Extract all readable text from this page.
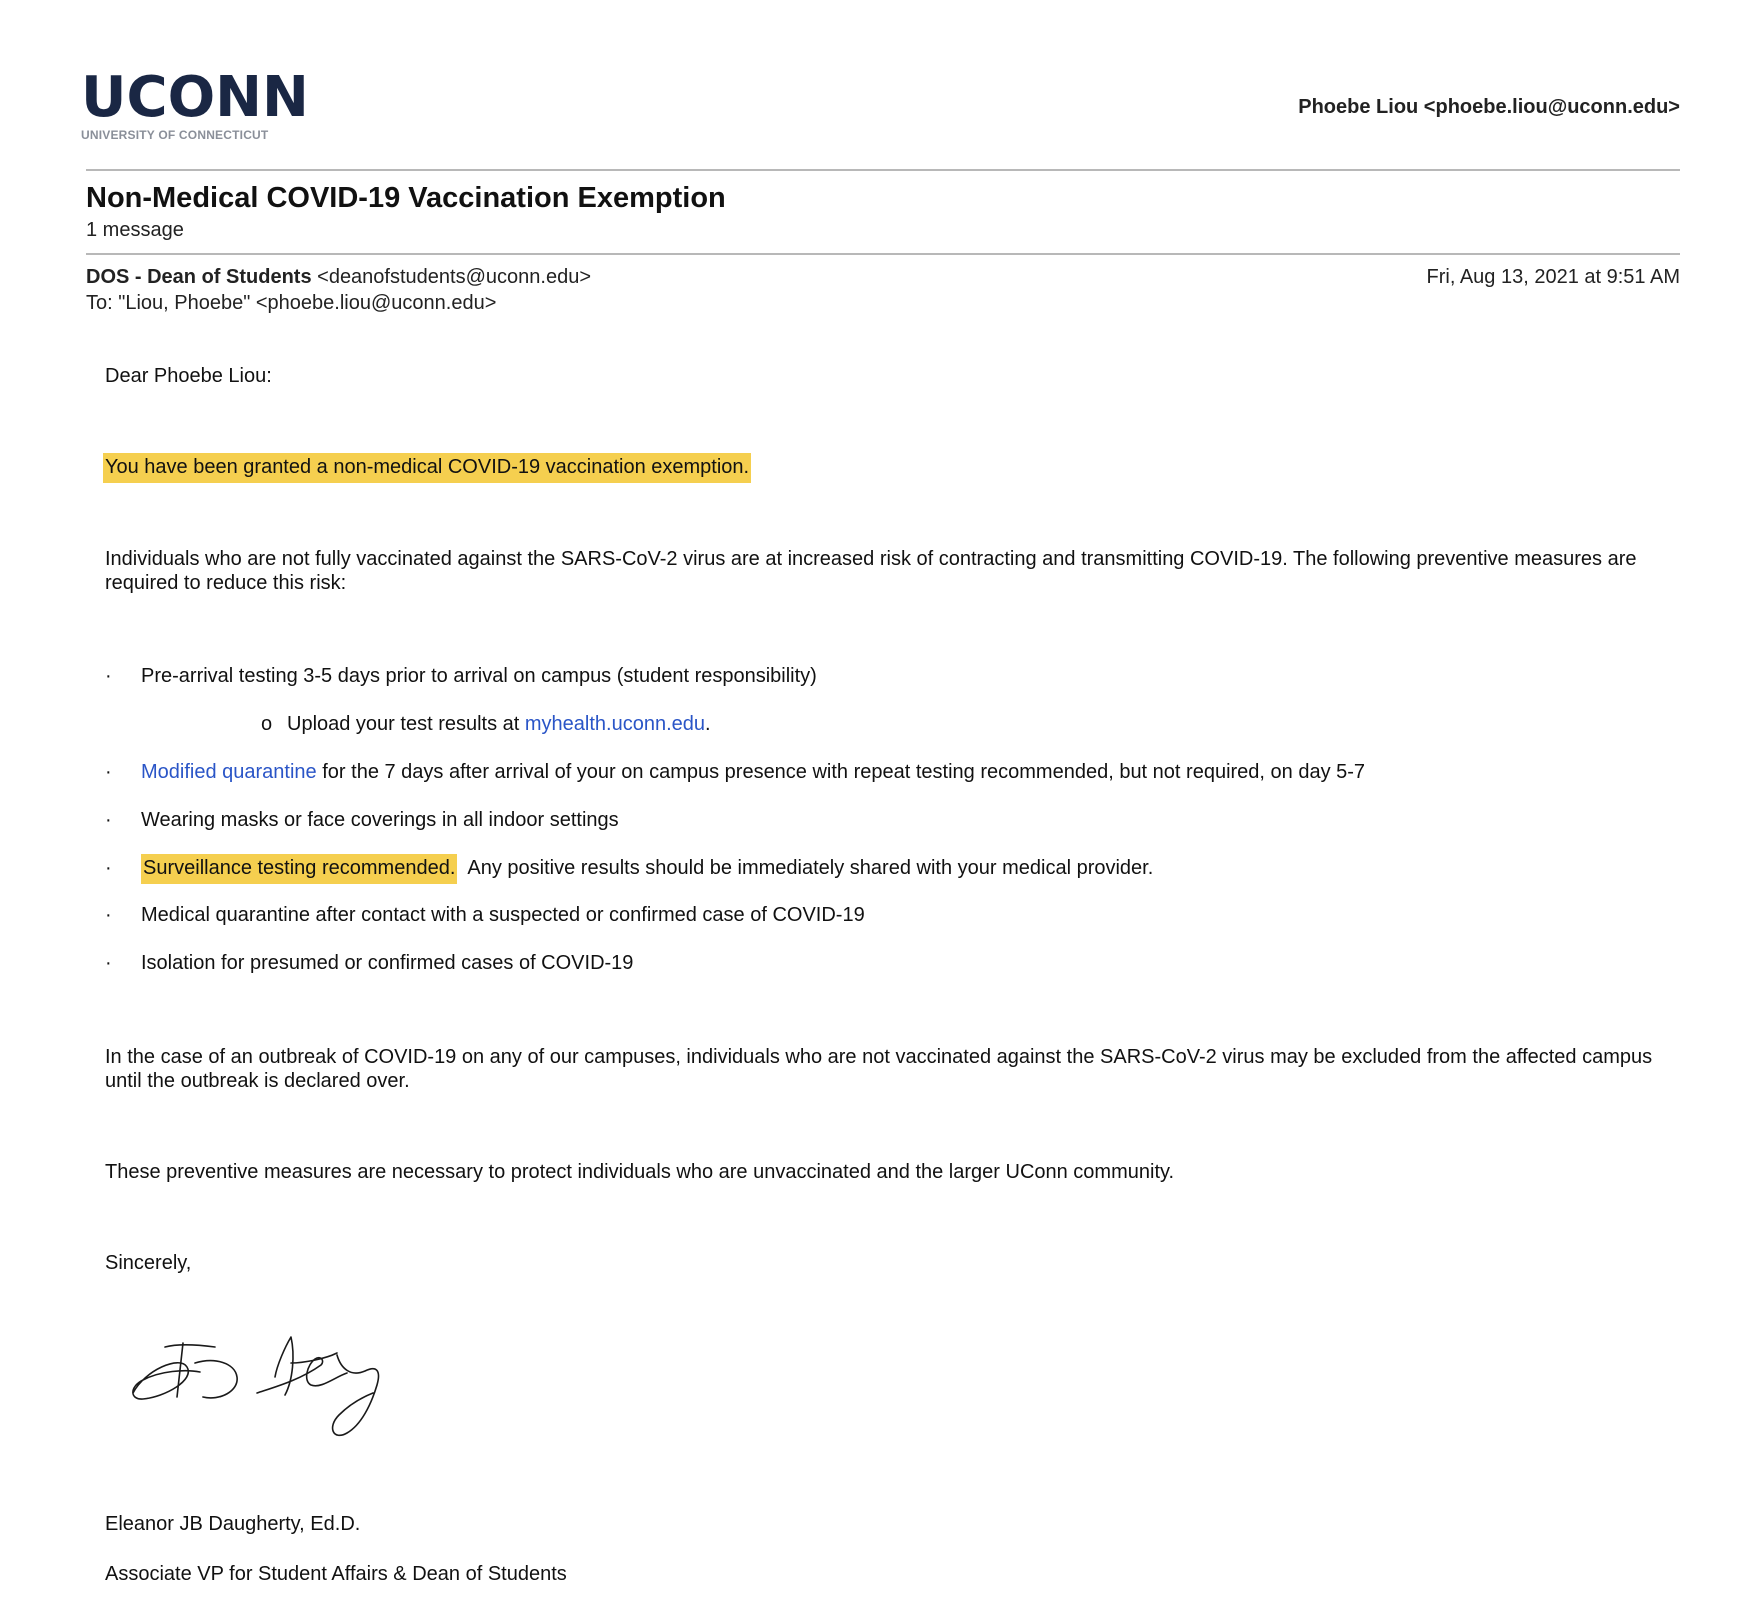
UCONN
UNIVERSITY OF CONNECTICUT
Phoebe Liou <phoebe.liou@uconn.edu>
Non-Medical COVID-19 Vaccination Exemption
1 message
DOS - Dean of Students <deanofstudents@uconn.edu>	Fri, Aug 13, 2021 at 9:51 AM
To: "Liou, Phoebe" <phoebe.liou@uconn.edu>
Dear Phoebe Liou:
You have been granted a non-medical COVID-19 vaccination exemption.
Individuals who are not fully vaccinated against the SARS-CoV-2 virus are at increased risk of contracting and transmitting COVID-19. The following preventive measures are required to reduce this risk:
· Pre-arrival testing 3-5 days prior to arrival on campus (student responsibility)
o Upload your test results at myhealth.uconn.edu.
· Modified quarantine for the 7 days after arrival of your on campus presence with repeat testing recommended, but not required, on day 5-7
· Wearing masks or face coverings in all indoor settings
· Surveillance testing recommended.  Any positive results should be immediately shared with your medical provider.
· Medical quarantine after contact with a suspected or confirmed case of COVID-19
· Isolation for presumed or confirmed cases of COVID-19
In the case of an outbreak of COVID-19 on any of our campuses, individuals who are not vaccinated against the SARS-CoV-2 virus may be excluded from the affected campus until the outbreak is declared over.
These preventive measures are necessary to protect individuals who are unvaccinated and the larger UConn community.
Sincerely,
Eleanor JB Daugherty, Ed.D.
Associate VP for Student Affairs & Dean of Students
